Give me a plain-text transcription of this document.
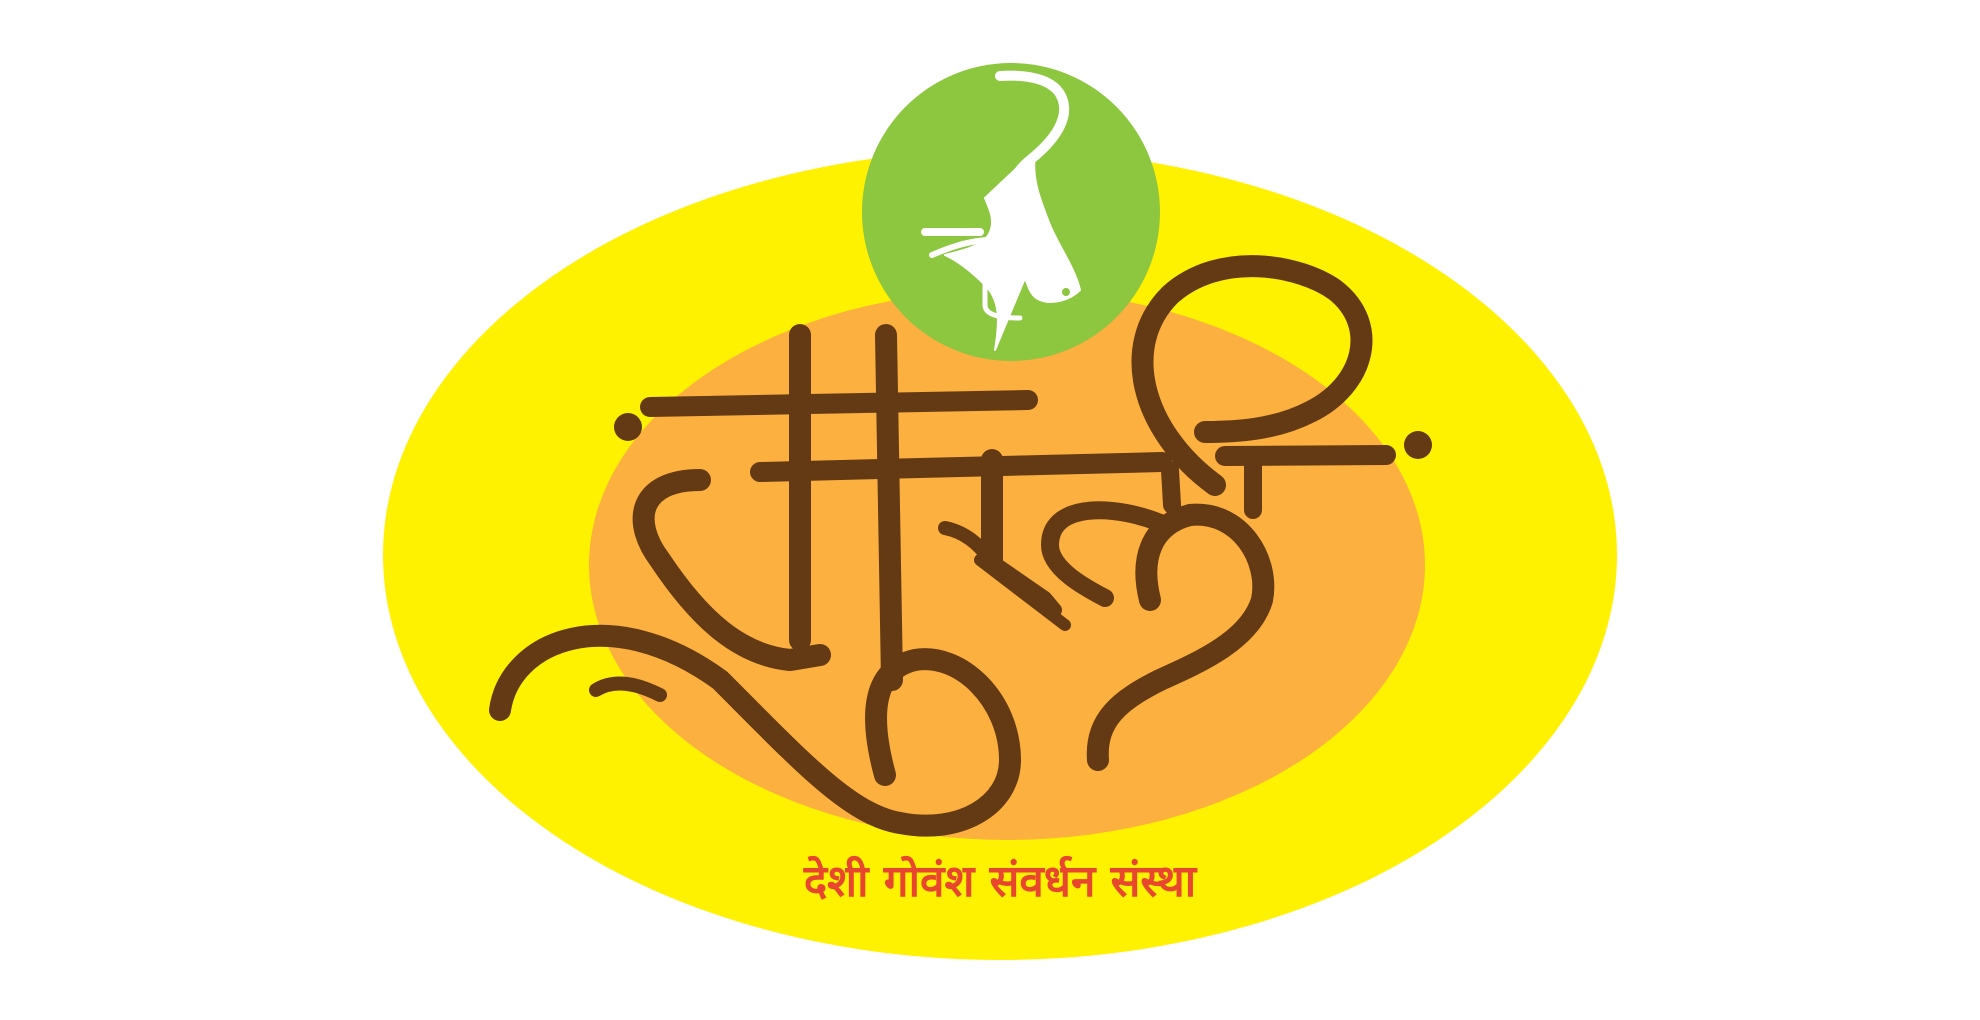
गौसंतति
देशी गोवंश संवर्धन संस्था
